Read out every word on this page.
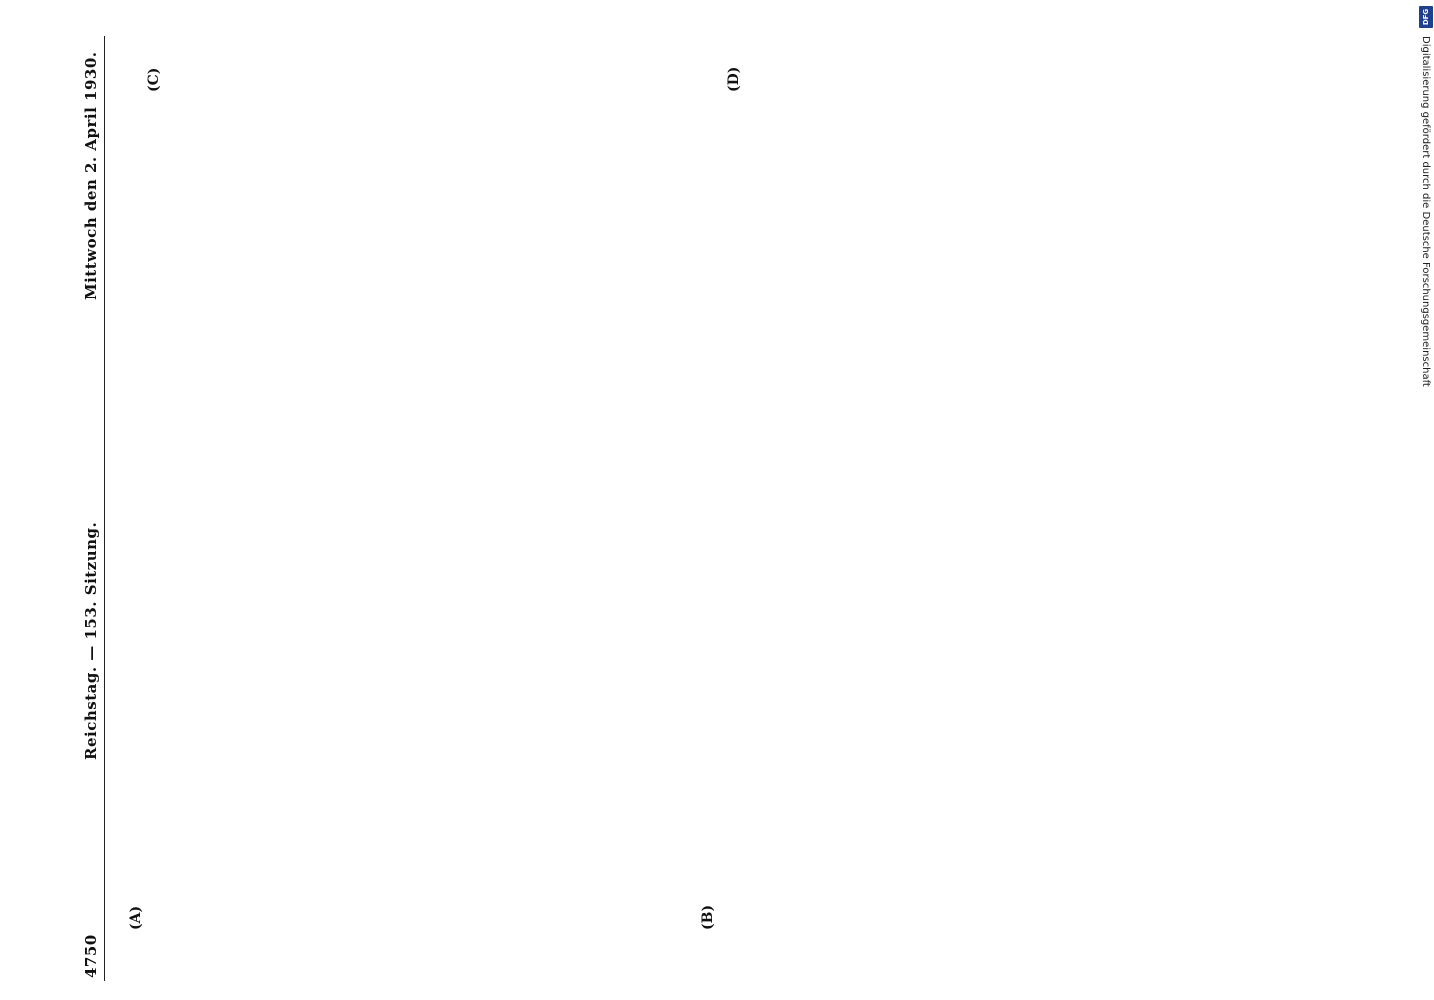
4750
Reichstag. — 153. Sitzung.
Mittwoch den 2. April 1930.
(A)	(B)
(C)	(D)
DFG
Digitalisierung gefördert durch die Deutsche Forschungsgemeinschaft
